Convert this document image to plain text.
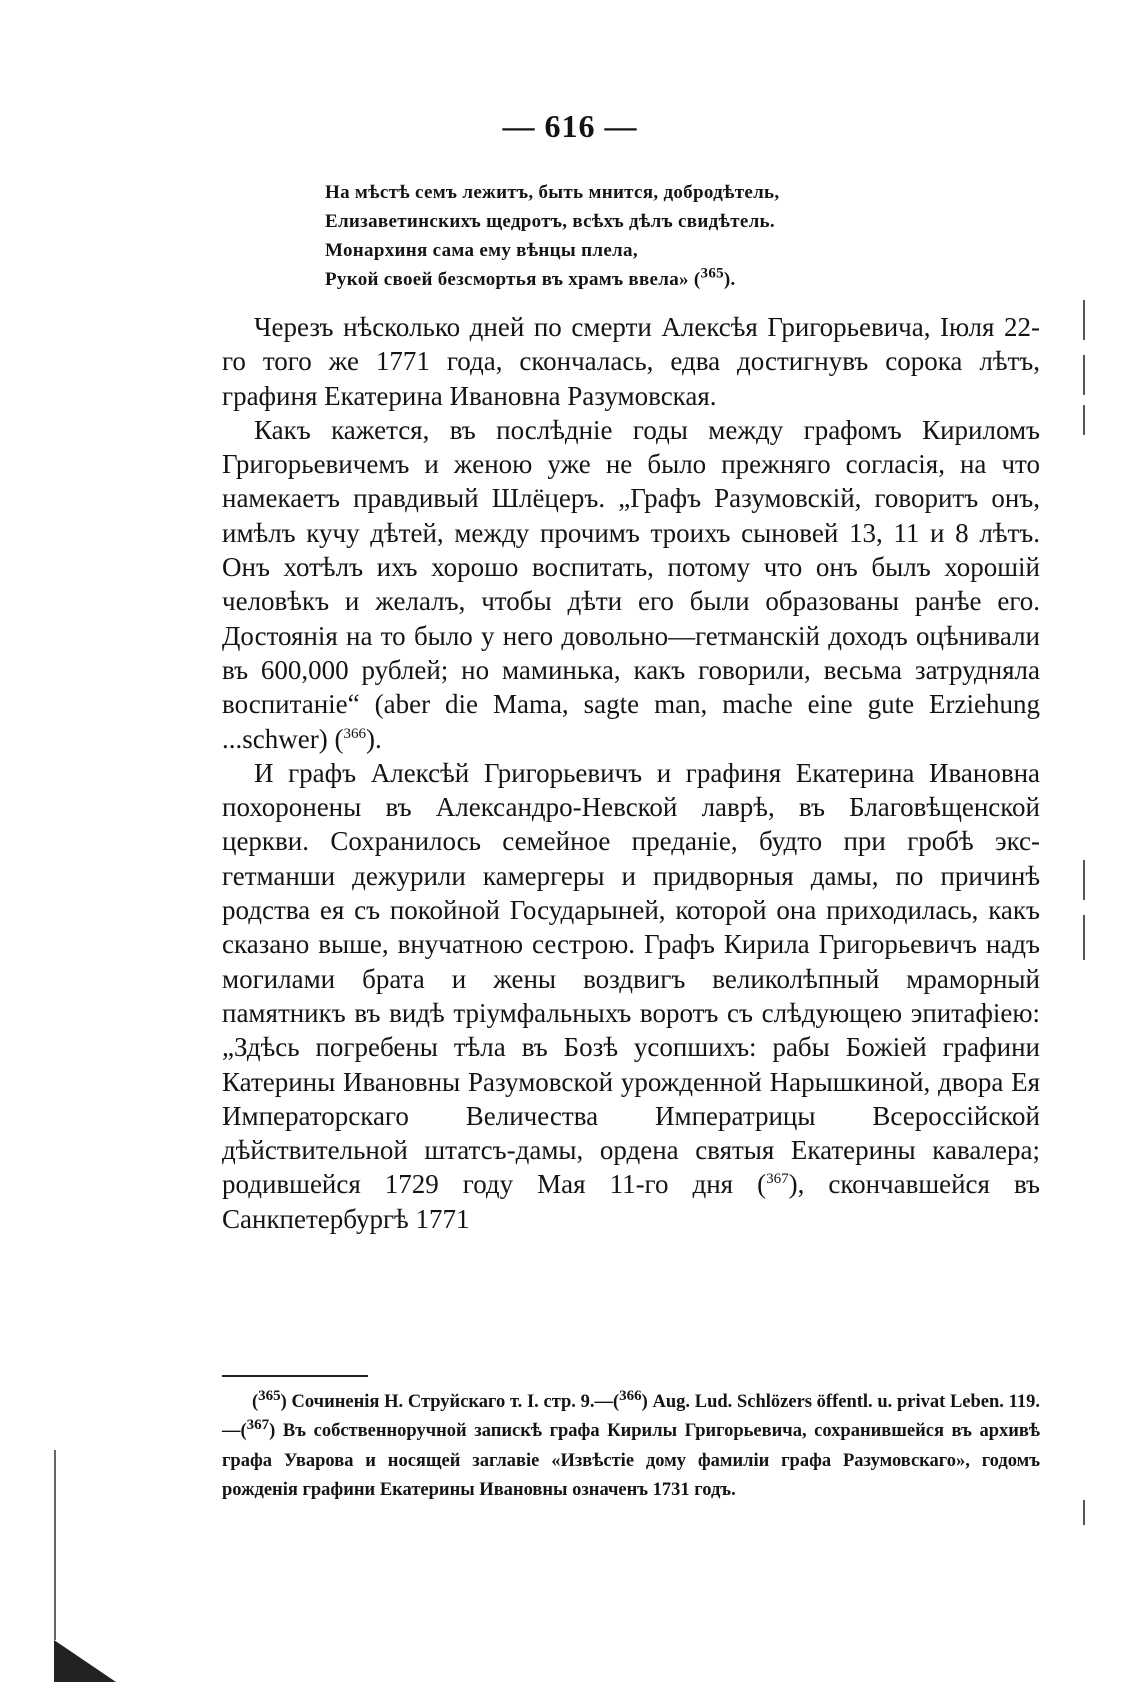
— 616 —
На мѣстѣ семъ лежитъ, быть мнится, добродѣтель,
Елизаветинскихъ щедротъ, всѣхъ дѣлъ свидѣтель.
Монархиня сама ему вѣнцы плела,
Рукой своей безсмортья въ храмъ ввела» ($^{365}$).

Черезъ нѣсколько дней по смерти Алексѣя Григорьевича, Іюля 22-го того же 1771 года, скончалась, едва достигнувъ сорока лѣтъ, графиня Екатерина Ивановна Разумовская.

Какъ кажется, въ послѣдніе годы между графомъ Кириломъ Григорьевичемъ и женою уже не было прежняго согласія, на что намекаетъ правдивый Шлёцеръ. „Графъ Разумовскій, говоритъ онъ, имѣлъ кучу дѣтей, между прочимъ троихъ сыновей 13, 11 и 8 лѣтъ. Онъ хотѣлъ ихъ хорошо воспитать, потому что онъ былъ хорошій человѣкъ и желалъ, чтобы дѣти его были образованы ранѣе его. Достоянія на то было у него довольно—гетманскій доходъ оцѣнивали въ 600,000 рублей; но маминька, какъ говорили, весьма затрудняла воспитаніе“ (aber die Mama, sagte man, mache eine gute Erziehung ...schwer) ($^{366}$).

И графъ Алексѣй Григорьевичъ и графиня Екатерина Ивановна похоронены въ Александро-Невской лаврѣ, въ Благовѣщенской церкви. Сохранилось семейное преданіе, будто при гробѣ экс-гетманши дежурили камергеры и придворныя дамы, по причинѣ родства ея съ покойной Государыней, которой она приходилась, какъ сказано выше, внучатною сестрою. Графъ Кирила Григорьевичъ надъ могилами брата и жены воздвигъ великолѣпный мраморный памятникъ въ видѣ тріумфальныхъ воротъ съ слѣдующею эпитафіею: „Здѣсь погребены тѣла въ Бозѣ усопшихъ: рабы Божіей графини Катерины Ивановны Разумовской урожденной Нарышкиной, двора Ея Императорскаго Величества Императрицы Всероссійской дѣйствительной штатсъ-дамы, ордена святыя Екатерины кавалера; родившейся 1729 году Мая 11-го дня ($^{367}$), скончавшейся въ Санкпетербургѣ 1771

($^{365}$) Сочиненія Н. Струйскаго т. I. стр. 9.—($^{366}$) Aug. Lud. Schlözers öffentl. u. privat Leben. 119.—($^{367}$) Въ собственноручной запискѣ графа Кирилы Григорьевича, сохранившейся въ архивѣ графа Уварова и носящей заглавіе «Извѣстіе дому фамиліи графа Разумовскаго», годомъ рожденія графини Екатерины Ивановны означенъ 1731 годъ.
